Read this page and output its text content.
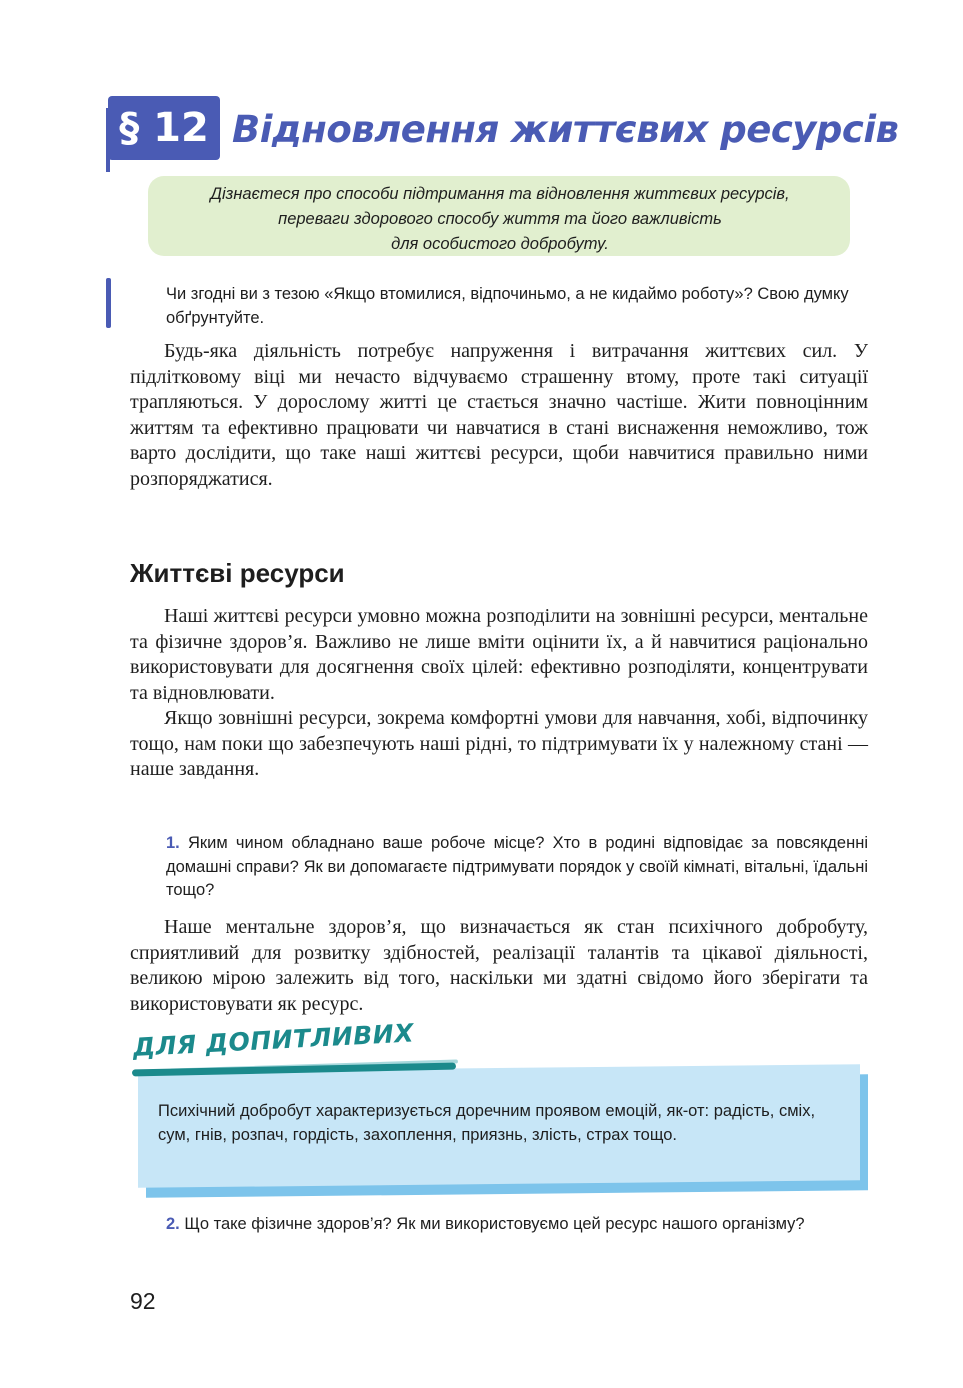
§ 12 Відновлення життєвих ресурсів
Дізнаєтеся про способи підтримання та відновлення життєвих ресурсів,
переваги здорового способу життя та його важливість
для особистого добробуту.
Чи згодні ви з тезою «Якщо втомилися, відпочиньмо, а не кидаймо роботу»? Свою думку обґрунтуйте.

Будь-яка діяльність потребує напруження і витрачання життєвих сил. У підлітковому віці ми нечасто відчуваємо страшенну втому, проте такі ситуації трапляються. У дорослому житті це стається значно частіше. Жити повноцінним життям та ефективно працювати чи навчатися в стані виснаження неможливо, тож варто дослідити, що таке наші життєві ресурси, щоби навчитися правильно ними розпоряджатися.

Життєві ресурси

Наші життєві ресурси умовно можна розподілити на зовнішні ресурси, ментальне та фізичне здоров’я. Важливо не лише вміти оцінити їх, а й навчитися раціонально використовувати для досягнення своїх цілей: ефективно розподіляти, концентрувати та відновлювати.

Якщо зовнішні ресурси, зокрема комфортні умови для навчання, хобі, відпочинку тощо, нам поки що забезпечують наші рідні, то підтримувати їх у належному стані — наше завдання.

1. Яким чином обладнано ваше робоче місце? Хто в родині відповідає за повсякденні домашні справи? Як ви допомагаєте підтримувати порядок у своїй кімнаті, вітальні, їдальні тощо?

Наше ментальне здоров’я, що визначається як стан психічного добробуту, сприятливий для розвитку здібностей, реалізації талантів та цікавої діяльності, великою мірою залежить від того, наскільки ми здатні свідомо його зберігати та використовувати як ресурс.

Психічний добробут характеризується доречним проявом емоцій, як-от: радість, сміх, сум, гнів, розпач, гордість, захоплення, приязнь, злість, страх тощо.
ДЛЯ ДОПИТЛИВИХ
2. Що таке фізичне здоров’я? Як ми використовуємо цей ресурс нашого організму?
92
